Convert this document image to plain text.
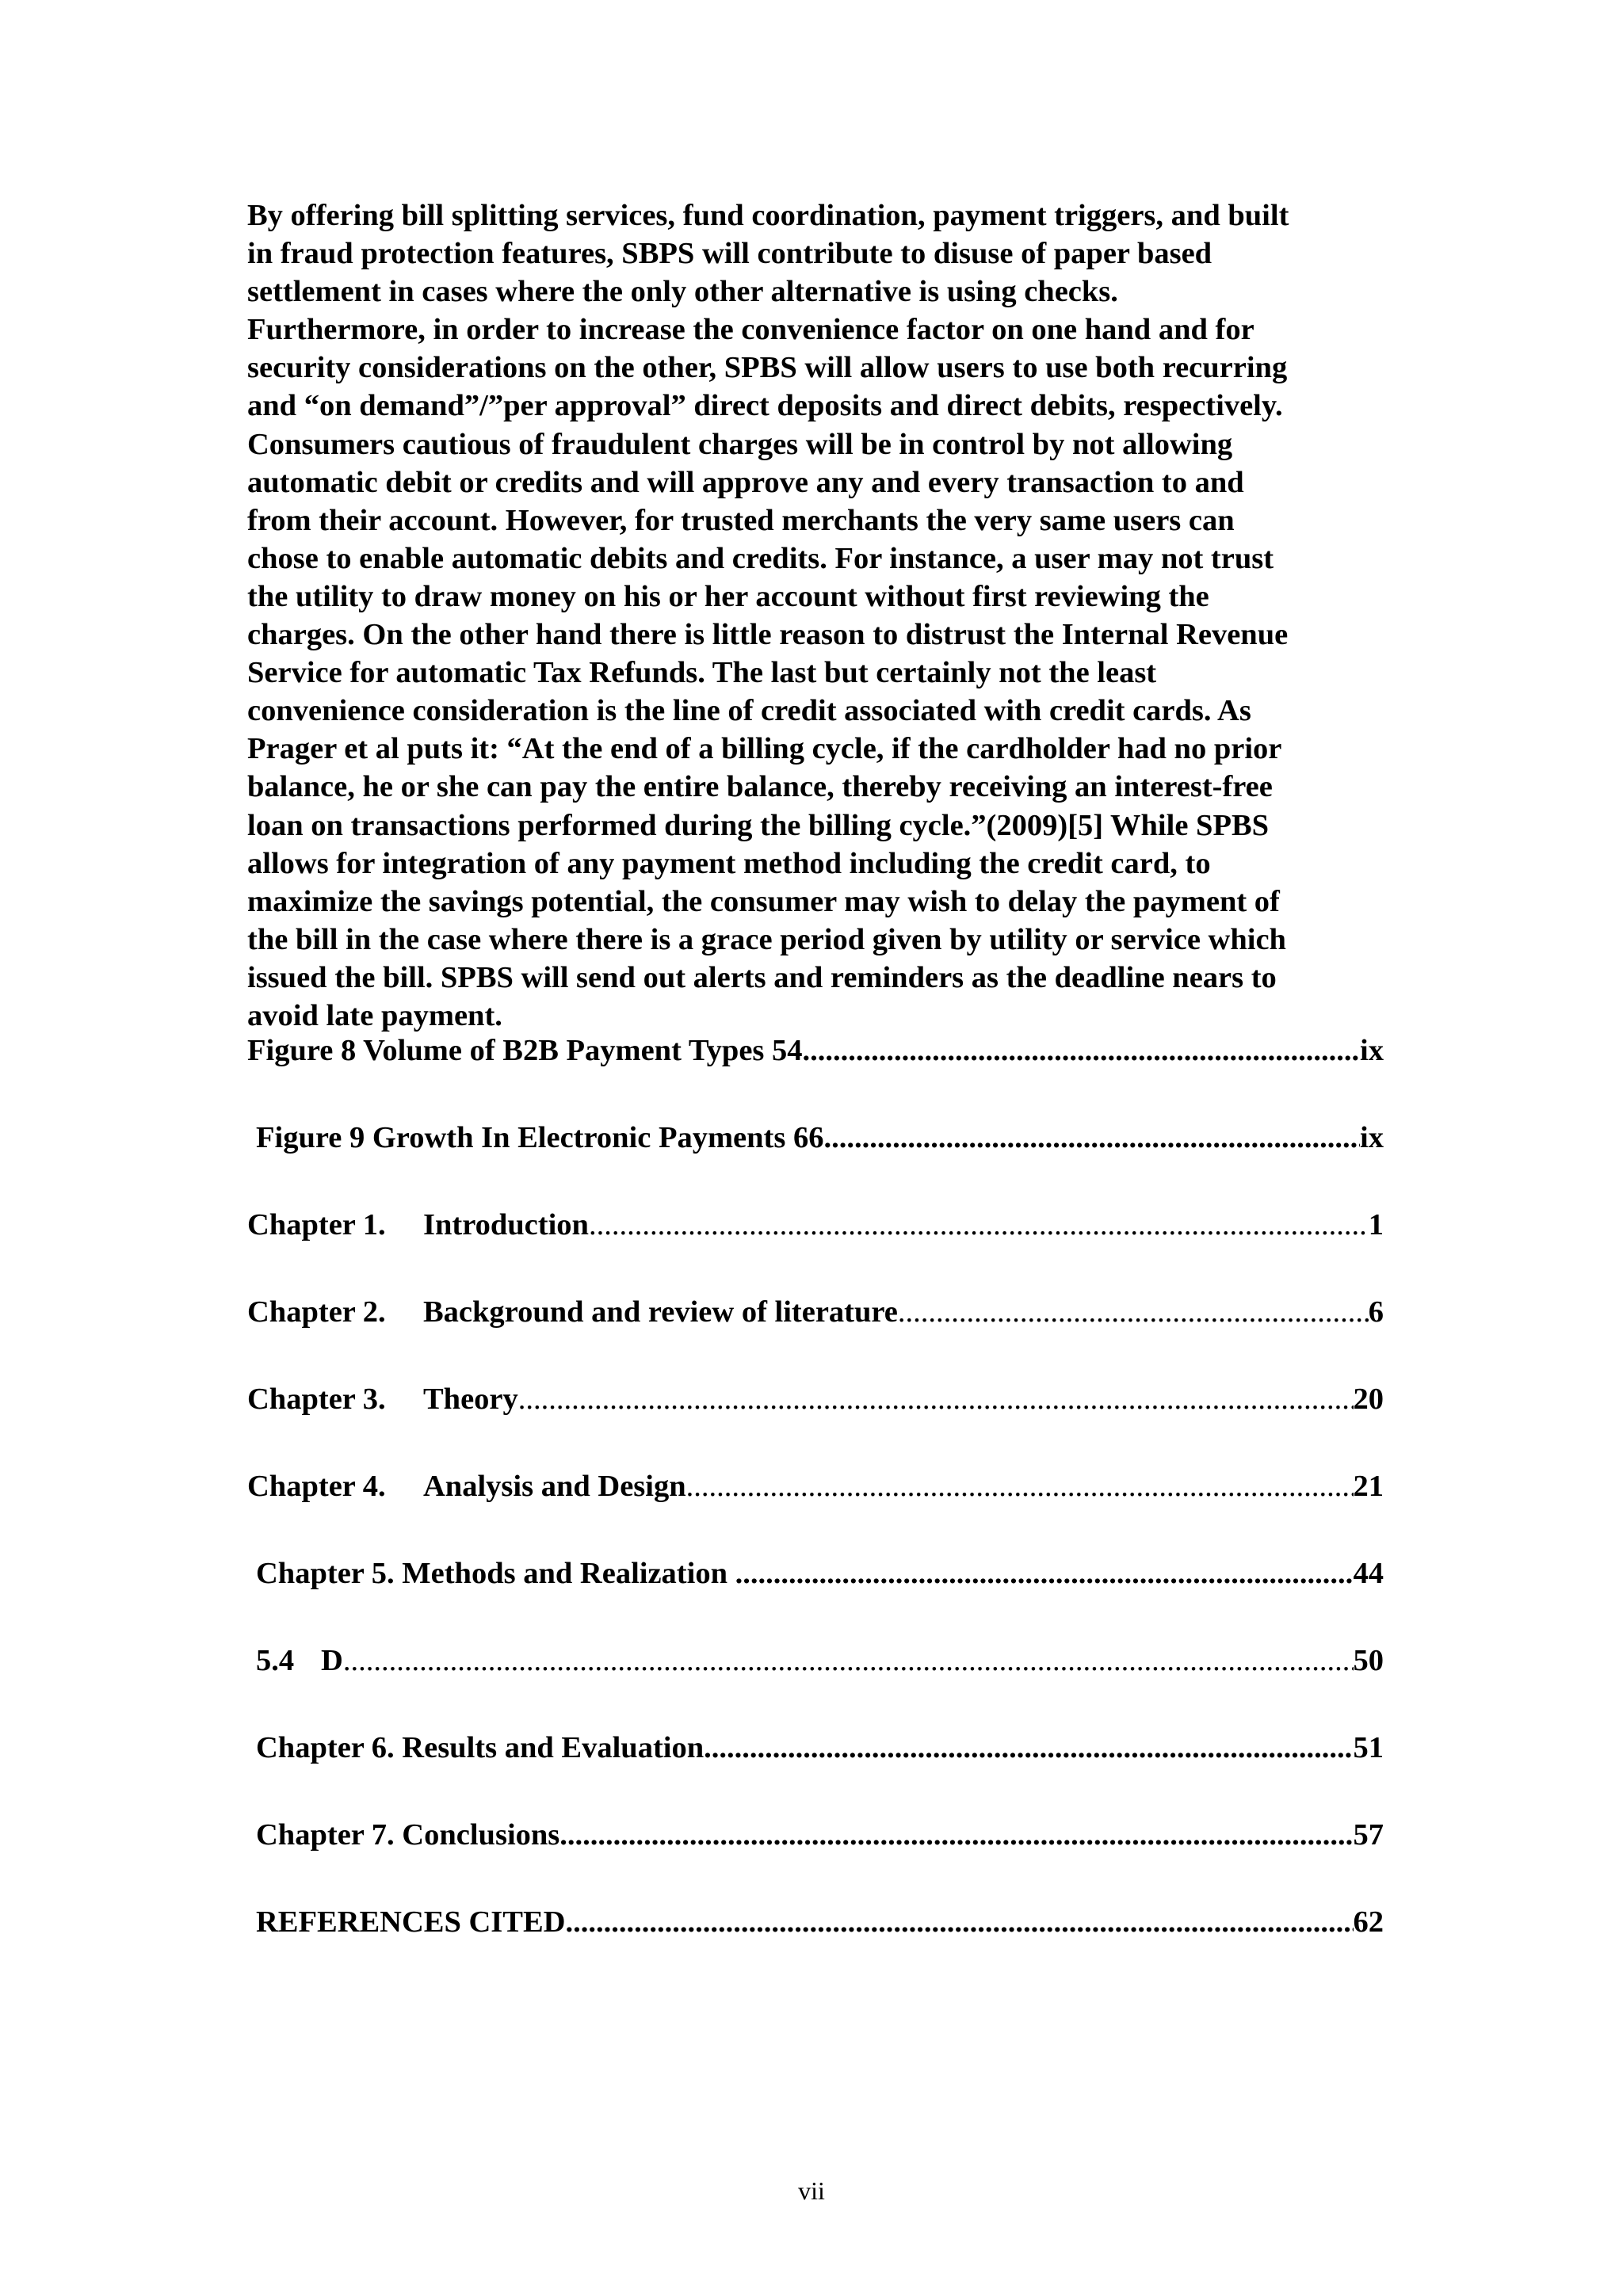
By offering bill splitting services, fund coordination, payment triggers, and built
in fraud protection features, SBPS will contribute to disuse of paper based
settlement in cases where the only other alternative is using checks.
Furthermore, in order to increase the convenience factor on one hand and for
security considerations on the other, SPBS will allow users to use both recurring
and “on demand”/”per approval” direct deposits and direct debits, respectively.
Consumers cautious of fraudulent charges will be in control by not allowing
automatic debit or credits and will approve any and every transaction to and
from their account. However, for trusted merchants the very same users can
chose to enable automatic debits and credits. For instance, a user may not trust
the utility to draw money on his or her account without first reviewing the
charges. On the other hand there is little reason to distrust the Internal Revenue
Service for automatic Tax Refunds. The last but certainly not the least
convenience consideration is the line of credit associated with credit cards. As
Prager et al puts it: “At the end of a billing cycle, if the cardholder had no prior
balance, he or she can pay the entire balance, thereby receiving an interest-free
loan on transactions performed during the billing cycle.”(2009)[5] While SPBS
allows for integration of any payment method including the credit card, to
maximize the savings potential, the consumer may wish to delay the payment of
the bill in the case where there is a grace period given by utility or service which
issued the bill. SPBS will send out alerts and reminders as the deadline nears to
avoid late payment.

Figure 8 Volume of B2B Payment Types 54 .....	ix
Figure 9 Growth In Electronic Payments 66 .....	ix
Chapter 1.	Introduction .....	1
Chapter 2.	Background and review of literature .....	6
Chapter 3.	Theory .....	20
Chapter 4.	Analysis and Design .....	21
Chapter 5. Methods and Realization .....	44
5.4 D .....	50
Chapter 6. Results and Evaluation .....	51
Chapter 7. Conclusions .....	57
REFERENCES CITED .....	62
vii
